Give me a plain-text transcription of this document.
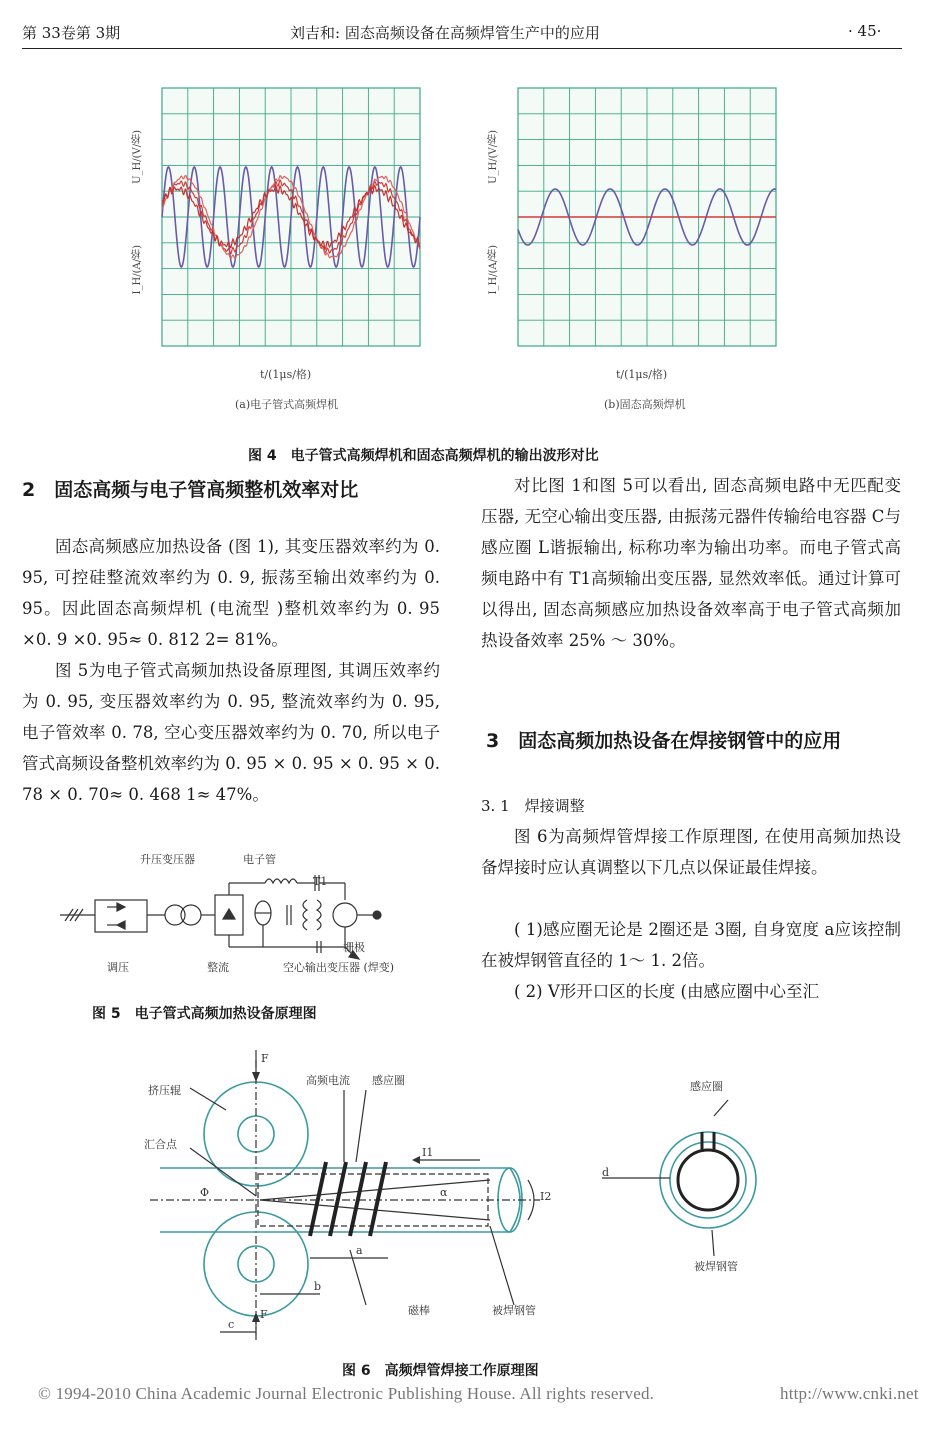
第 33卷第 3期	刘吉和: 固态高频设备在高频焊管生产中的应用	· 45·
U_H/(V/格)
I_H/(A/格)
t/(1μs/格)
(a)电子管式高频焊机
U_H/(V/格)
I_H/(A/格)
t/(1μs/格)
(b)固态高频焊机
图 4　电子管式高频焊机和固态高频焊机的输出波形对比
2　固态高频与电子管高频整机效率对比

固态高频感应加热设备 (图 1), 其变压器效率约为 0. 95, 可控硅整流效率约为 0. 9, 振荡至输出效率约为 0. 95。因此固态高频焊机 (电流型 )整机效率约为 0. 95 ×0. 9 ×0. 95≈ 0. 812 2= 81%。

图 5为电子管式高频加热设备原理图, 其调压效率约为 0. 95, 变压器效率约为 0. 95, 整流效率约为 0. 95, 电子管效率 0. 78, 空心变压器效率约为 0. 70, 所以电子管式高频设备整机效率约为 0. 95 × 0. 95 × 0. 95 × 0. 78 × 0. 70≈ 0. 468 1≈ 47%。

升压变压器	电子管
T1
栅极
调压	整流	空心输出变压器 (焊变)
图 5　电子管式高频加热设备原理图

对比图 1和图 5可以看出, 固态高频电路中无匹配变压器, 无空心输出变压器, 由振荡元器件传输给电容器 C与感应圈 L谐振输出, 标称功率为输出功率。而电子管式高频电路中有 T1高频输出变压器, 显然效率低。通过计算可以得出, 固态高频感应加热设备效率高于电子管式高频加热设备效率 25% ～ 30%。

3　固态高频加热设备在焊接钢管中的应用
3. 1　焊接调整

图 6为高频焊管焊接工作原理图, 在使用高频加热设备焊接时应认真调整以下几点以保证最佳焊接。

( 1)感应圈无论是 2圈还是 3圈, 自身宽度 a应该控制在被焊钢管直径的 1～ 1. 2倍。

( 2) V形开口区的长度 (由感应圈中心至汇

F
挤压辊
高频电流 感应圈
汇合点
I1
I2
Φ	α
a
b
c
F	磁棒	被焊钢管
感应圈
d
被焊钢管
图 6　高频焊管焊接工作原理图
© 1994-2010 China Academic Journal Electronic Publishing House. All rights reserved.	http://www.cnki.net
